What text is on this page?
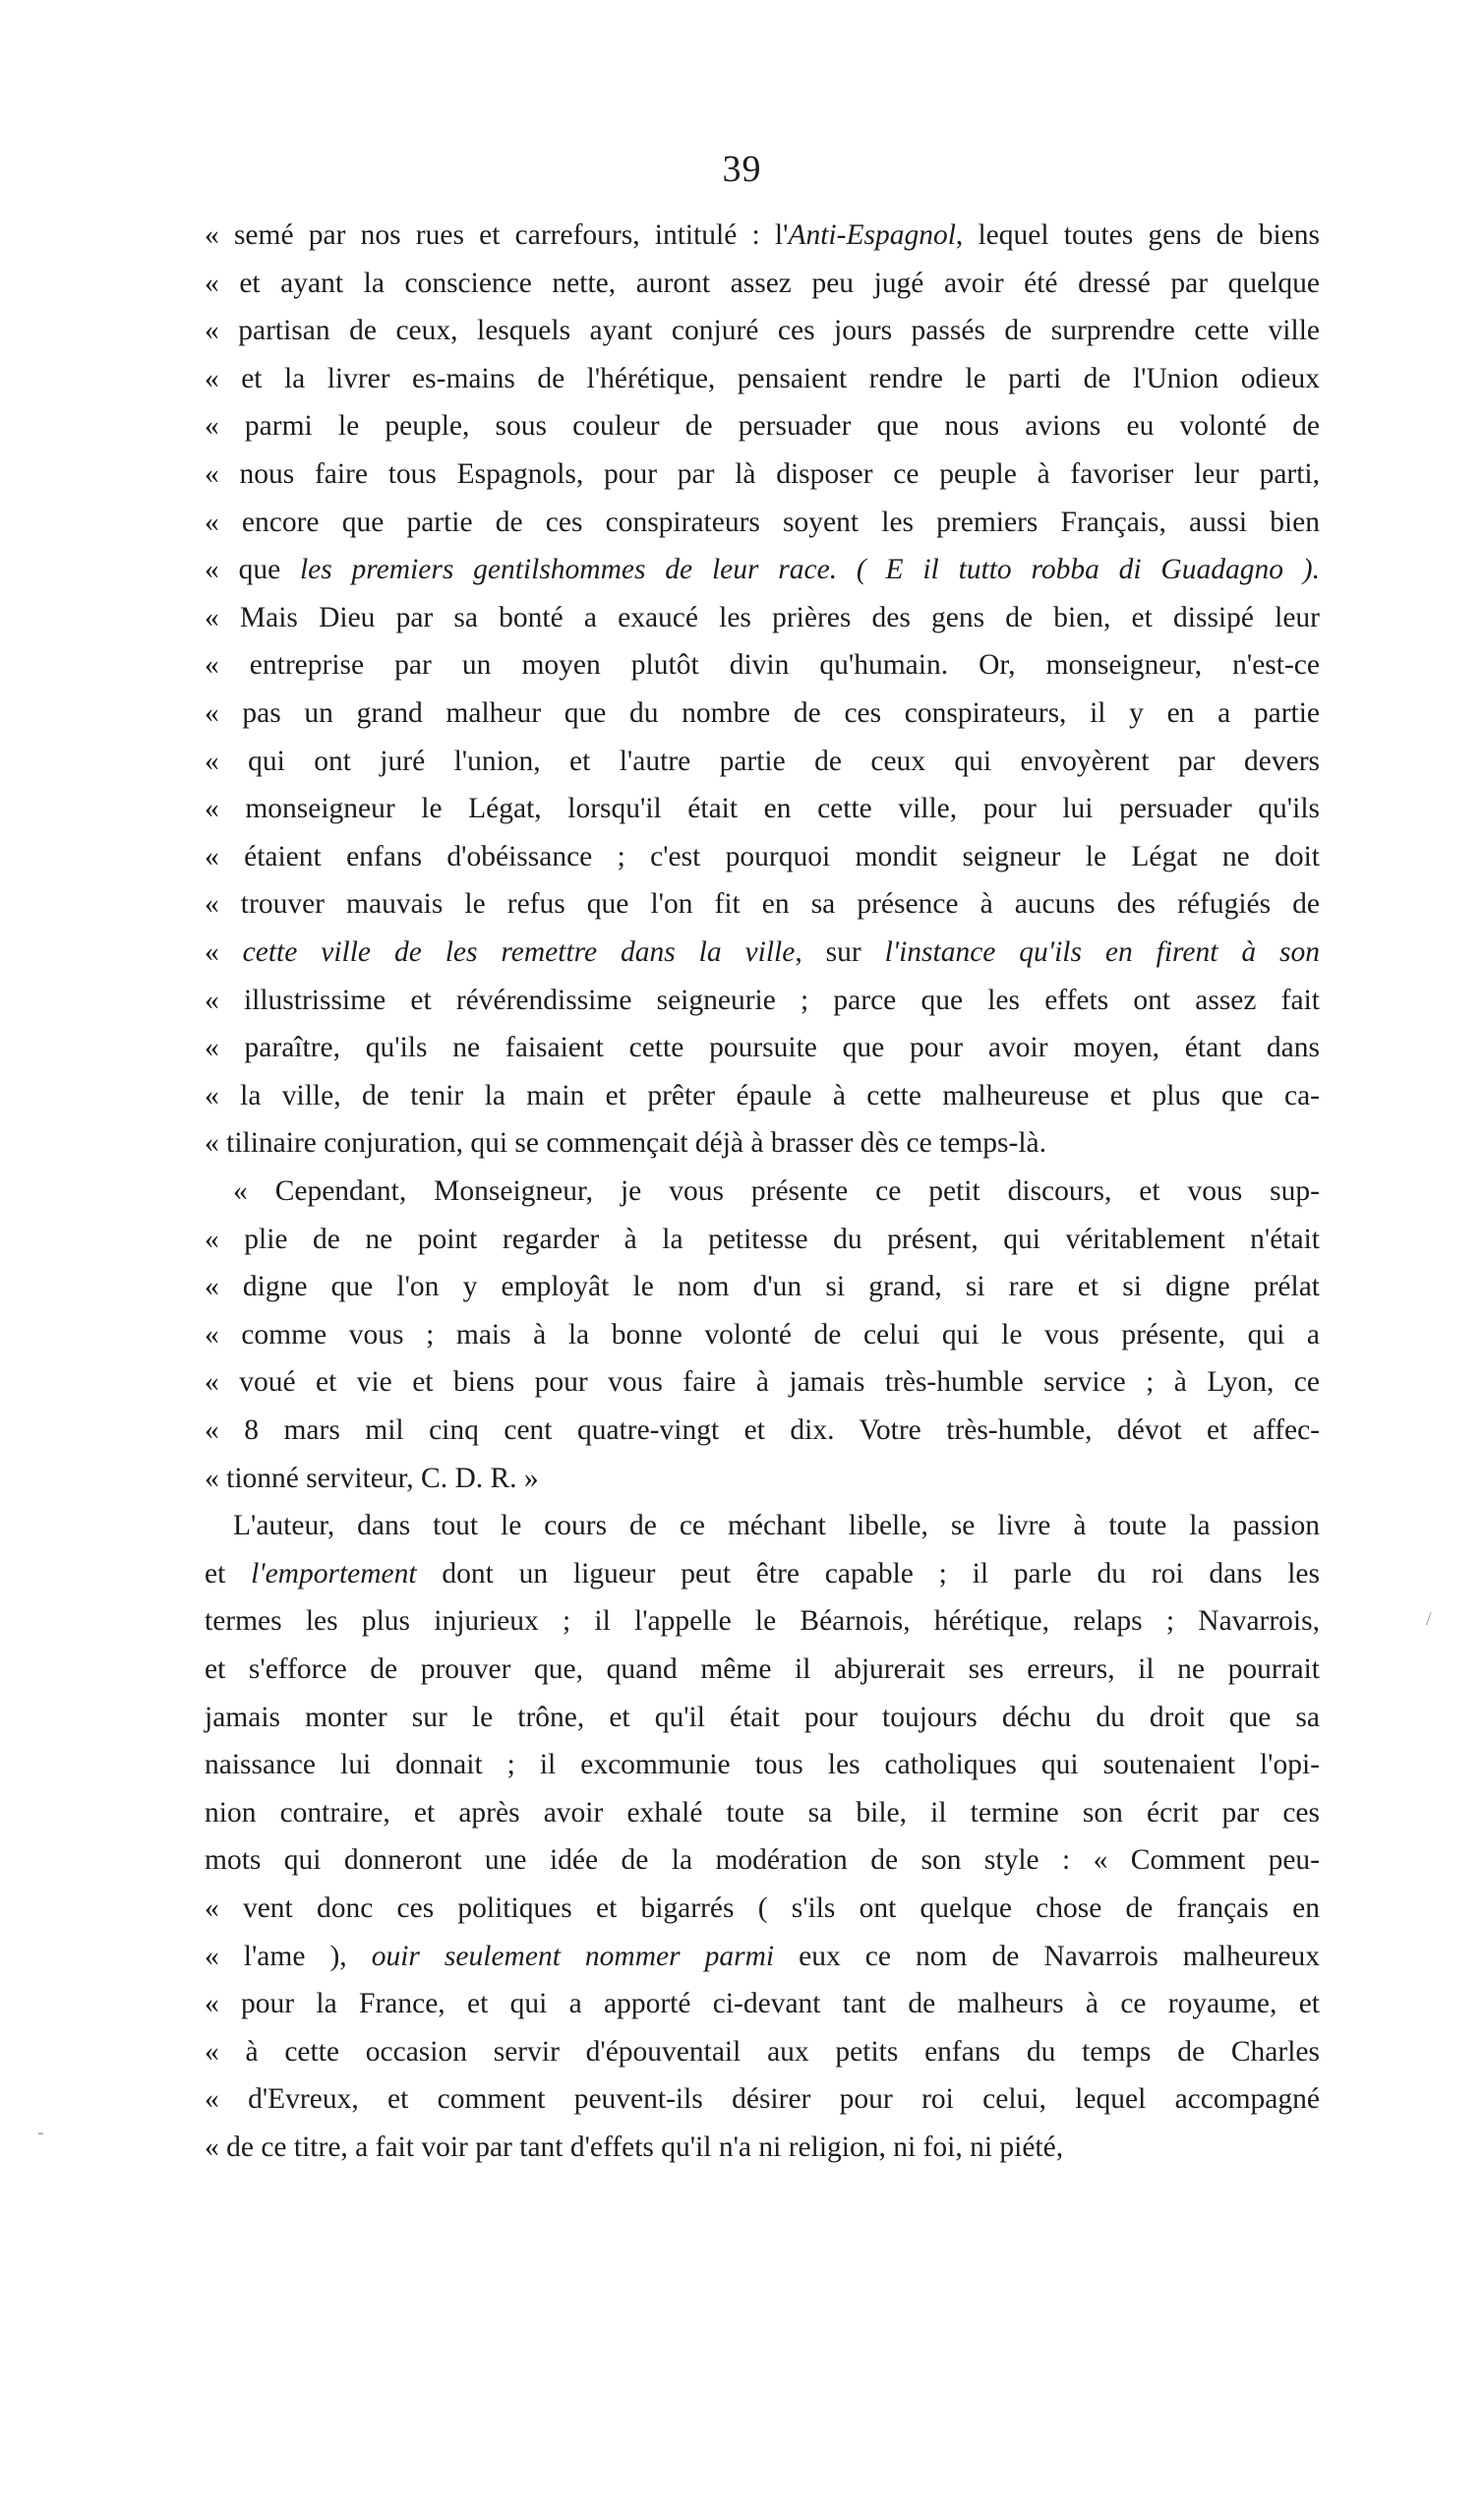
39
« semé par nos rues et carrefours, intitulé : l'Anti-Espagnol, lequel toutes gens de biens
« et ayant la conscience nette, auront assez peu jugé avoir été dressé par quelque
« partisan de ceux, lesquels ayant conjuré ces jours passés de surprendre cette ville
« et la livrer es-mains de l'hérétique, pensaient rendre le parti de l'Union odieux
« parmi le peuple, sous couleur de persuader que nous avions eu volonté de
« nous faire tous Espagnols, pour par là disposer ce peuple à favoriser leur parti,
« encore que partie de ces conspirateurs soyent les premiers Français, aussi bien
« que les premiers gentilshommes de leur race. ( E il tutto robba di Guadagno ).
« Mais Dieu par sa bonté a exaucé les prières des gens de bien, et dissipé leur
« entreprise par un moyen plutôt divin qu'humain. Or, monseigneur, n'est-ce
« pas un grand malheur que du nombre de ces conspirateurs, il y en a partie
« qui ont juré l'union, et l'autre partie de ceux qui envoyèrent par devers
« monseigneur le Légat, lorsqu'il était en cette ville, pour lui persuader qu'ils
« étaient enfans d'obéissance ; c'est pourquoi mondit seigneur le Légat ne doit
« trouver mauvais le refus que l'on fit en sa présence à aucuns des réfugiés de
« cette ville de les remettre dans la ville, sur l'instance qu'ils en firent à son
« illustrissime et révérendissime seigneurie ; parce que les effets ont assez fait
« paraître, qu'ils ne faisaient cette poursuite que pour avoir moyen, étant dans
« la ville, de tenir la main et prêter épaule à cette malheureuse et plus que ca-
« tilinaire conjuration, qui se commençait déjà à brasser dès ce temps-là.
« Cependant, Monseigneur, je vous présente ce petit discours, et vous sup-
« plie de ne point regarder à la petitesse du présent, qui véritablement n'était
« digne que l'on y employât le nom d'un si grand, si rare et si digne prélat
« comme vous ; mais à la bonne volonté de celui qui le vous présente, qui a
« voué et vie et biens pour vous faire à jamais très-humble service ; à Lyon, ce
« 8 mars mil cinq cent quatre-vingt et dix. Votre très-humble, dévot et affec-
« tionné serviteur, C. D. R. »
L'auteur, dans tout le cours de ce méchant libelle, se livre à toute la passion
et l'emportement dont un ligueur peut être capable ; il parle du roi dans les
termes les plus injurieux ; il l'appelle le Béarnois, hérétique, relaps ; Navarrois,
et s'efforce de prouver que, quand même il abjurerait ses erreurs, il ne pourrait
jamais monter sur le trône, et qu'il était pour toujours déchu du droit que sa
naissance lui donnait ; il excommunie tous les catholiques qui soutenaient l'opi-
nion contraire, et après avoir exhalé toute sa bile, il termine son écrit par ces
mots qui donneront une idée de la modération de son style : « Comment peu-
« vent donc ces politiques et bigarrés ( s'ils ont quelque chose de français en
« l'ame ), ouir seulement nommer parmi eux ce nom de Navarrois malheureux
« pour la France, et qui a apporté ci-devant tant de malheurs à ce royaume, et
« à cette occasion servir d'épouventail aux petits enfans du temps de Charles
« d'Evreux, et comment peuvent-ils désirer pour roi celui, lequel accompagné
« de ce titre, a fait voir par tant d'effets qu'il n'a ni religion, ni foi, ni piété,
-
/
